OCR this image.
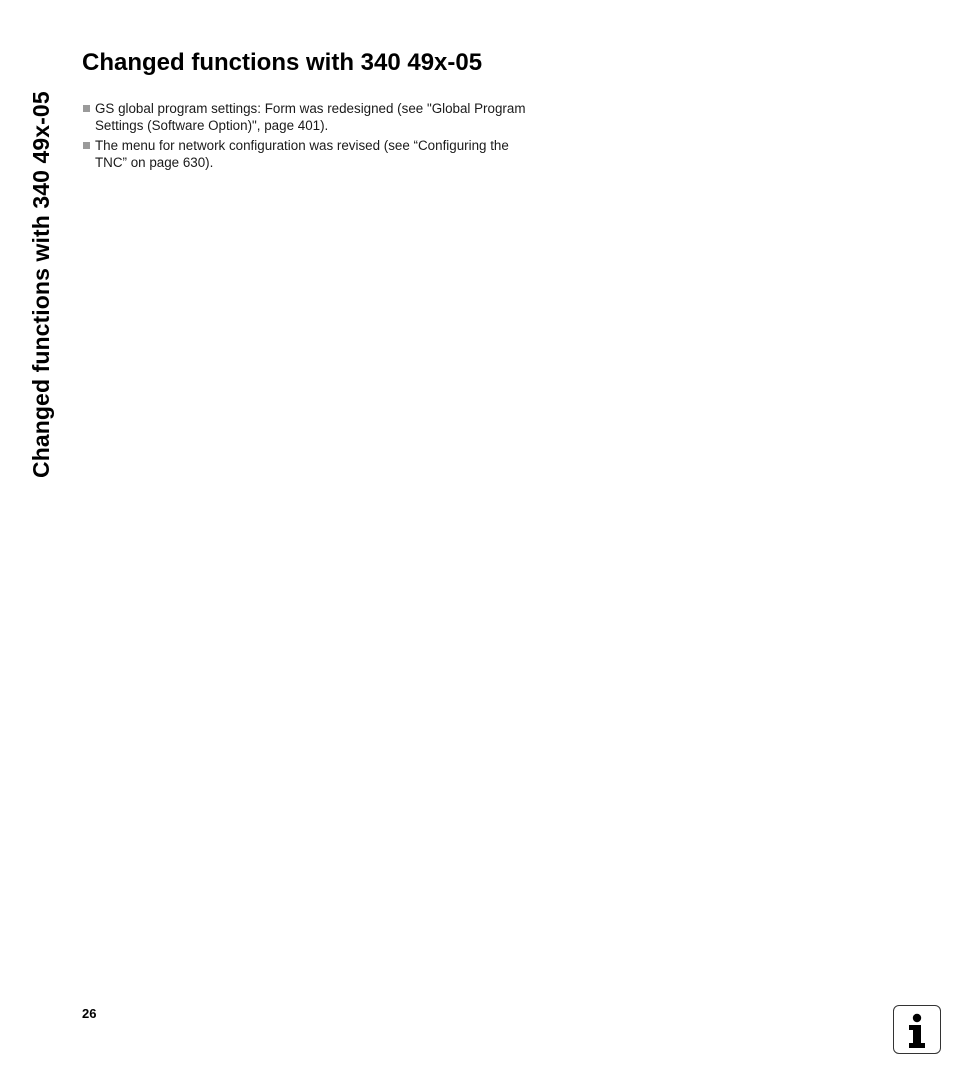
Changed functions with 340 49x-05
Changed functions with 340 49x-05
GS global program settings: Form was redesigned (see "Global Program Settings (Software Option)", page 401).
The menu for network configuration was revised (see “Configuring the TNC” on page 630).
26
